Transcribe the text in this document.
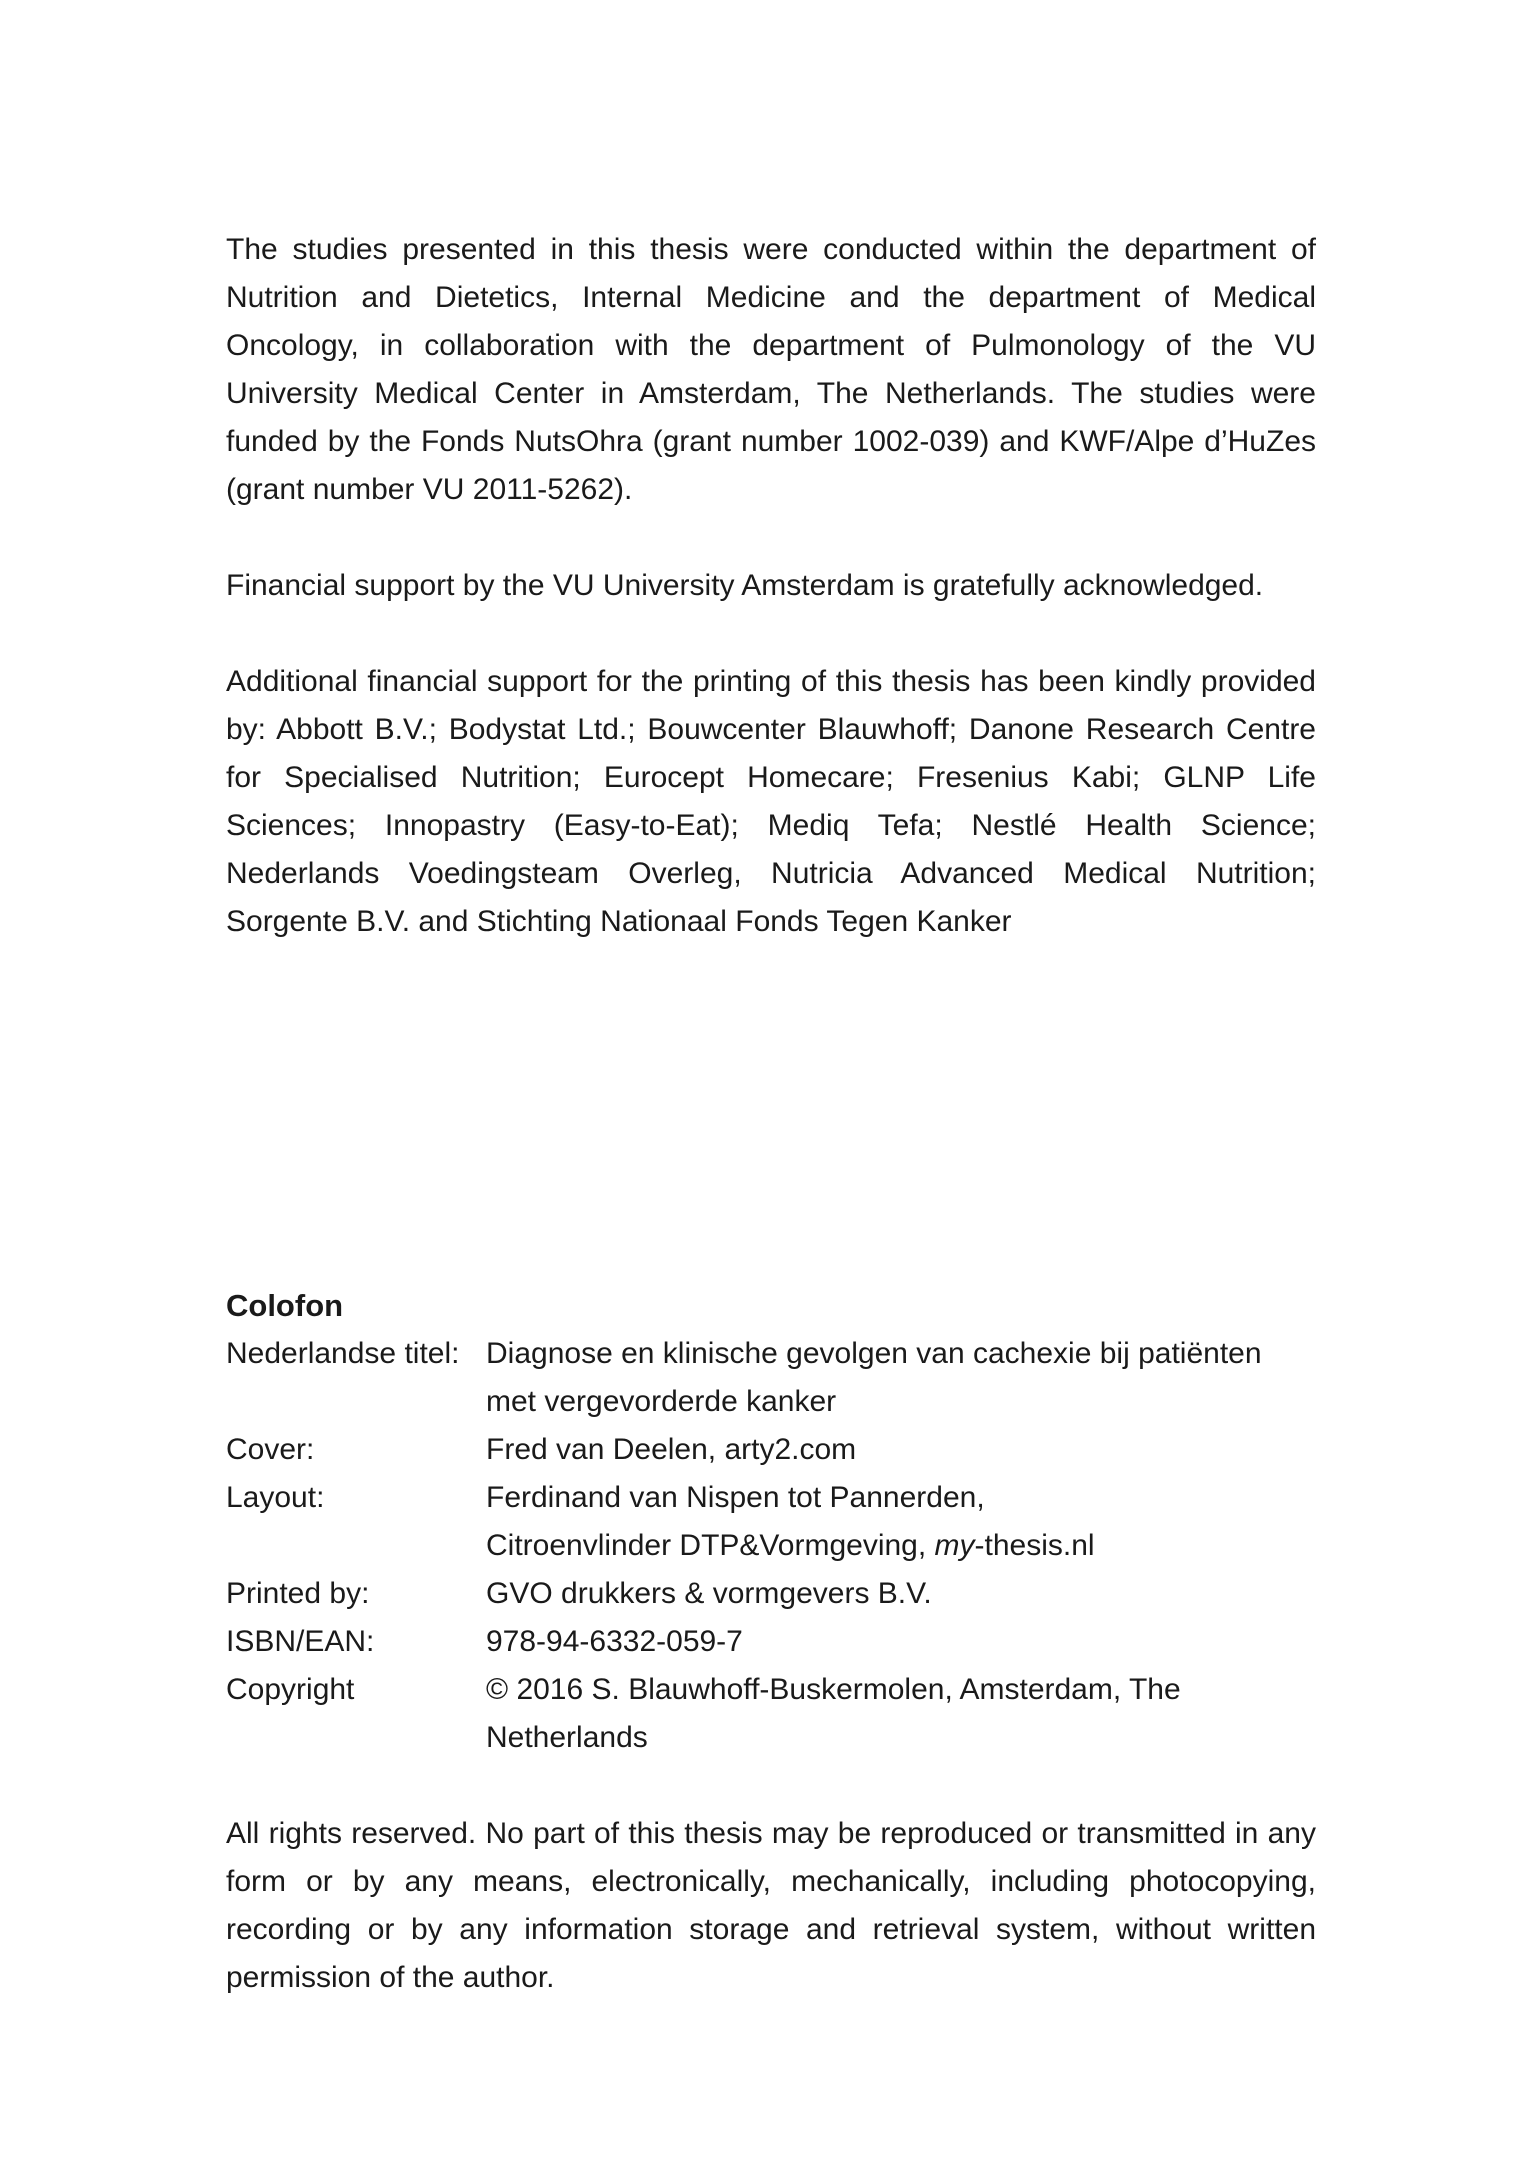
The studies presented in this thesis were conducted within the department of Nutrition and Dietetics, Internal Medicine and the department of Medical Oncology, in collaboration with the department of Pulmonology of the VU University Medical Center in Amsterdam, The Netherlands. The studies were funded by the Fonds NutsOhra (grant number 1002-039) and KWF/Alpe d’HuZes (grant number VU 2011-5262).

Financial support by the VU University Amsterdam is gratefully acknowledged.

Additional financial support for the printing of this thesis has been kindly provided by: Abbott B.V.; Bodystat Ltd.; Bouwcenter Blauwhoff; Danone Research Centre for Specialised Nutrition; Eurocept Homecare; Fresenius Kabi; GLNP Life Sciences; Innopastry (Easy-to-Eat); Mediq Tefa; Nestlé Health Science; Nederlands Voedingsteam Overleg, Nutricia Advanced Medical Nutrition; Sorgente B.V. and Stichting Nationaal Fonds Tegen Kanker

Colofon
Nederlandse titel: Diagnose en klinische gevolgen van cachexie bij patiënten met vergevorderde kanker
Cover:	Fred van Deelen, arty2.com
Layout:	Ferdinand van Nispen tot Pannerden,
Citroenvlinder DTP&Vormgeving, my-thesis.nl
Printed by:	GVO drukkers & vormgevers B.V.
ISBN/EAN:	978-94-6332-059-7
Copyright	© 2016 S. Blauwhoff-Buskermolen, Amsterdam, The Netherlands

All rights reserved. No part of this thesis may be reproduced or transmitted in any form or by any means, electronically, mechanically, including photocopying, recording or by any information storage and retrieval system, without written permission of the author.
